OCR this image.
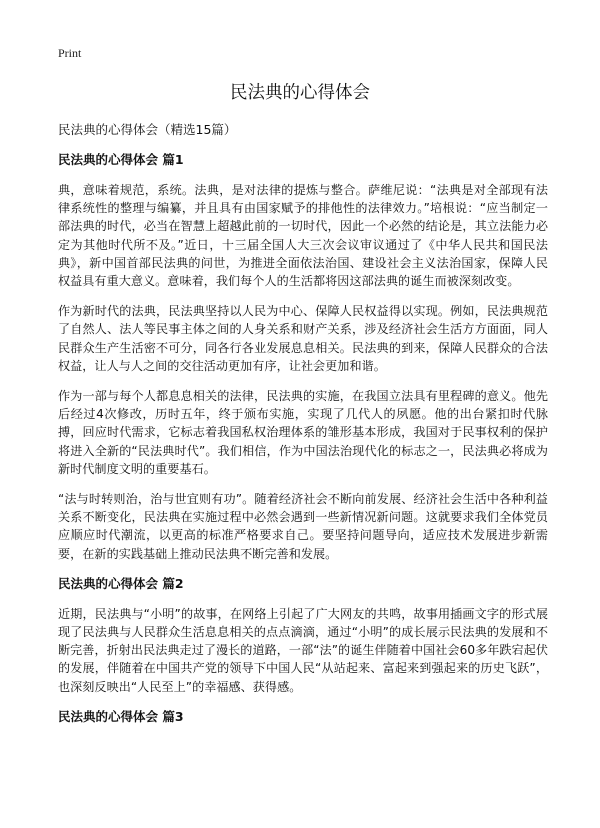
Print
民法典的心得体会
民法典的心得体会（精选15篇）
民法典的心得体会 篇1

典，意味着规范，系统。法典，是对法律的提炼与整合。萨维尼说：“法典是对全部现有法律系统性的整理与编纂，并且具有由国家赋予的排他性的法律效力。”培根说：“应当制定一部法典的时代，必当在智慧上超越此前的一切时代，因此一个必然的结论是，其立法能力必定为其他时代所不及。”近日，十三届全国人大三次会议审议通过了《中华人民共和国民法典》，新中国首部民法典的问世，为推进全面依法治国、建设社会主义法治国家，保障人民权益具有重大意义。意味着，我们每个人的生活都将因这部法典的诞生而被深刻改变。

作为新时代的法典，民法典坚持以人民为中心、保障人民权益得以实现。例如，民法典规范了自然人、法人等民事主体之间的人身关系和财产关系，涉及经济社会生活方方面面，同人民群众生产生活密不可分，同各行各业发展息息相关。民法典的到来，保障人民群众的合法权益，让人与人之间的交往活动更加有序，让社会更加和谐。

作为一部与每个人都息息相关的法律，民法典的实施，在我国立法具有里程碑的意义。他先后经过4次修改，历时五年，终于颁布实施，实现了几代人的夙愿。他的出台紧扣时代脉搏，回应时代需求，它标志着我国私权治理体系的雏形基本形成，我国对于民事权利的保护将进入全新的“民法典时代”。我们相信，作为中国法治现代化的标志之一，民法典必将成为新时代制度文明的重要基石。

“法与时转则治，治与世宜则有功”。随着经济社会不断向前发展、经济社会生活中各种利益关系不断变化，民法典在实施过程中必然会遇到一些新情况新问题。这就要求我们全体党员应顺应时代潮流，以更高的标准严格要求自己。要坚持问题导向，适应技术发展进步新需要，在新的实践基础上推动民法典不断完善和发展。

民法典的心得体会 篇2

近期，民法典与“小明”的故事，在网络上引起了广大网友的共鸣，故事用插画文字的形式展现了民法典与人民群众生活息息相关的点点滴滴，通过“小明”的成长展示民法典的发展和不断完善，折射出民法典走过了漫长的道路，一部“法”的诞生伴随着中国社会60多年跌宕起伏的发展，伴随着在中国共产党的领导下中国人民“从站起来、富起来到强起来的历史飞跃”，也深刻反映出“人民至上”的幸福感、获得感。

民法典的心得体会 篇3
